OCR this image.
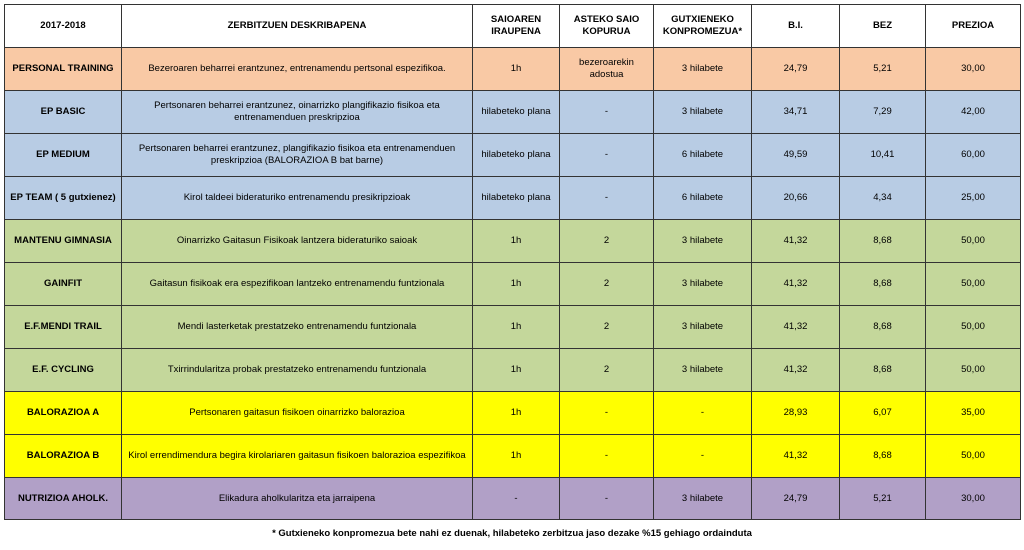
2017-2018	ZERBITZUEN DESKRIBAPENA	SAIOAREN IRAUPENA	ASTEKO SAIO KOPURUA	GUTXIENEKO KONPROMEZUA*	B.I.	BEZ	PREZIOA
PERSONAL TRAINING	Bezeroaren beharrei erantzunez, entrenamendu pertsonal espezifikoa.	1h	bezeroarekin adostua	3 hilabete	24,79	5,21	30,00
EP BASIC	Pertsonaren beharrei erantzunez, oinarrizko plangifikazio fisikoa eta entrenamenduen preskripzioa	hilabeteko plana	-	3 hilabete	34,71	7,29	42,00
EP MEDIUM	Pertsonaren beharrei erantzunez, plangifikazio fisikoa eta entrenamenduen preskripzioa (BALORAZIOA B bat barne)	hilabeteko plana	-	6 hilabete	49,59	10,41	60,00
EP TEAM ( 5 gutxienez)	Kirol taldeei bideraturiko entrenamendu presikripzioak	hilabeteko plana	-	6 hilabete	20,66	4,34	25,00
MANTENU GIMNASIA	Oinarrizko Gaitasun Fisikoak lantzera bideraturiko saioak	1h	2	3 hilabete	41,32	8,68	50,00
GAINFIT	Gaitasun fisikoak era espezifikoan lantzeko entrenamendu funtzionala	1h	2	3 hilabete	41,32	8,68	50,00
E.F.MENDI TRAIL	Mendi lasterketak prestatzeko entrenamendu funtzionala	1h	2	3 hilabete	41,32	8,68	50,00
E.F. CYCLING	Txirrindularitza probak prestatzeko entrenamendu funtzionala	1h	2	3 hilabete	41,32	8,68	50,00
BALORAZIOA A	Pertsonaren gaitasun fisikoen oinarrizko balorazioa	1h	-	-	28,93	6,07	35,00
BALORAZIOA B	Kirol errendimendura begira kirolariaren gaitasun fisikoen balorazioa espezifikoa	1h	-	-	41,32	8,68	50,00
NUTRIZIOA AHOLK.	Elikadura aholkularitza eta jarraipena	-	-	3 hilabete	24,79	5,21	30,00
* Gutxieneko konpromezua bete nahi ez duenak, hilabeteko zerbitzua jaso dezake %15 gehiago ordainduta
